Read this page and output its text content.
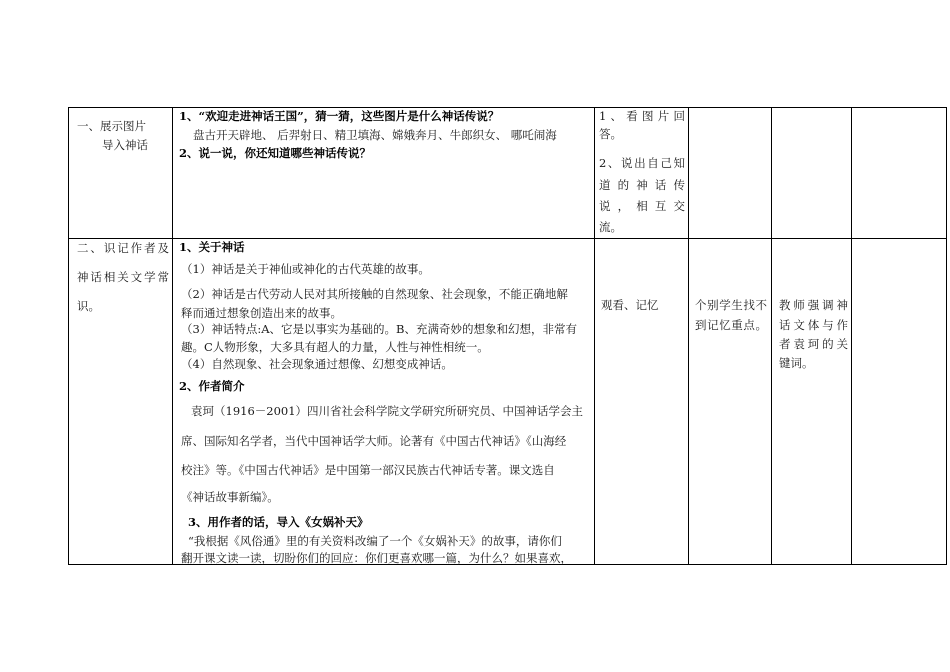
一、展示图片
导入神话
1、“欢迎走进神话王国”，猜一猜，这些图片是什么神话传说？
盘古开天辟地、 后羿射日、精卫填海、嫦娥奔月、牛郎织女、 哪吒闹海
2、说一说，你还知道哪些神话传说？
1、看图片回
答。
2、说出自己知
道的神话传
说，相互交
流。
二、识记作者及
神话相关文学常
识。
1、关于神话
（1）神话是关于神仙或神化的古代英雄的故事。
（2）神话是古代劳动人民对其所接触的自然现象、社会现象，不能正确地解
释而通过想象创造出来的故事。
（3）神话特点:A、它是以事实为基础的。B、充满奇妙的想象和幻想，非常有
趣。C人物形象，大多具有超人的力量，人性与神性相统一。
（4）自然现象、社会现象通过想像、幻想变成神话。
2、作者简介
袁珂（1916－2001）四川省社会科学院文学研究所研究员、中国神话学会主
席、国际知名学者，当代中国神话学大师。论著有《中国古代神话》《山海经
校注》等。《中国古代神话》是中国第一部汉民族古代神话专著。课文选自
《神话故事新编》。
3、用作者的话，导入《女娲补天》
“我根据《风俗通》里的有关资料改编了一个《女娲补天》的故事，请你们
翻开课文读一读，切盼你们的回应：你们更喜欢哪一篇，为什么？如果喜欢，
观看、记忆	个别学生找不
到记忆重点。
教师强调神
话文体与作
者袁珂的关
键词。
